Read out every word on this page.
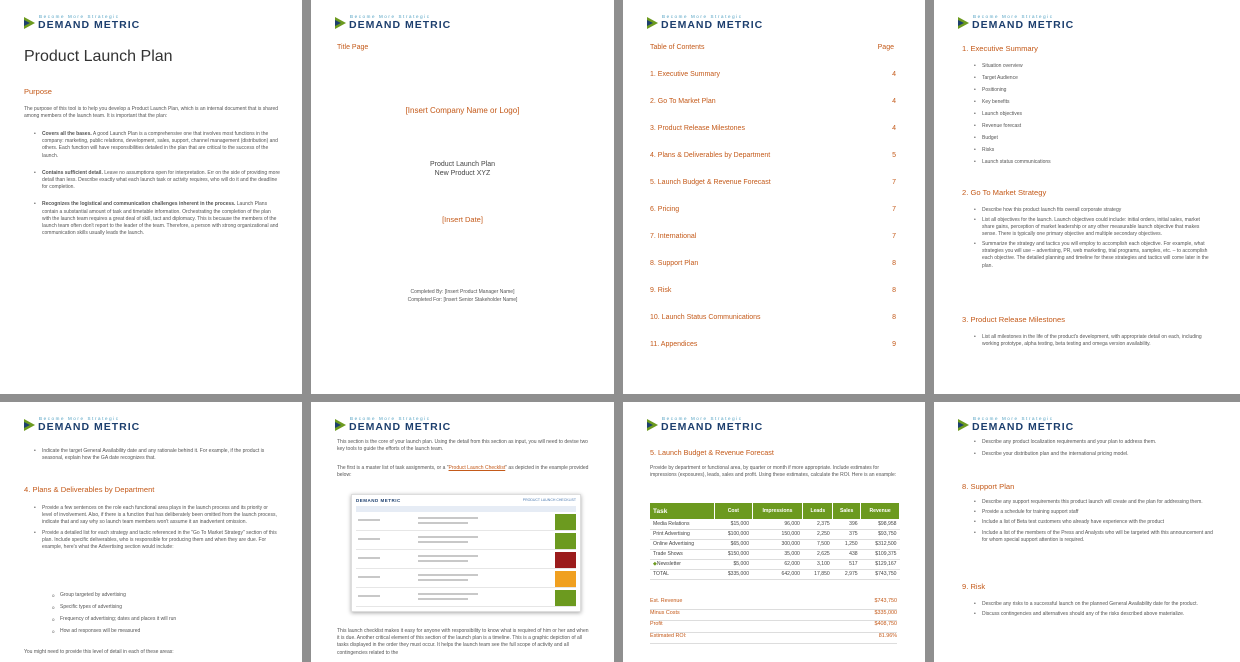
Become More Strategic
DEMAND METRIC
Product Launch Plan
Purpose
The purpose of this tool is to help you develop a Product Launch Plan, which is an internal document that is shared among members of the launch team. It is important that the plan:
• Covers all the bases. A good Launch Plan is a comprehensive one that involves most functions in the company: marketing, public relations, development, sales, support, channel management (distribution) and others. Each function will have responsibilities detailed in the plan that are critical to the success of the launch.
• Contains sufficient detail. Leave no assumptions open for interpretation. Err on the side of providing more detail than less. Describe exactly what each launch task or activity requires, who will do it and the deadline for completion.
• Recognizes the logistical and communication challenges inherent in the process. Launch Plans contain a substantial amount of task and timetable information. Orchestrating the completion of the plan with the launch team requires a great deal of skill, tact and diplomacy. This is because the members of the launch team often don't report to the leader of the team. Therefore, a person with strong organizational and communication skills usually leads the launch.
Become More Strategic
DEMAND METRIC
Title Page
[Insert Company Name or Logo]
Product Launch Plan
New Product XYZ
[Insert Date]
Completed By: [Insert Product Manager Name]
Completed For: [Insert Senior Stakeholder Name]
Become More Strategic
DEMAND METRIC
Table of Contents	Page
1. Executive Summary	4
2. Go To Market Plan	4
3. Product Release Milestones	4
4. Plans & Deliverables by Department	5
5. Launch Budget & Revenue Forecast	7
6. Pricing	7
7. International	7
8. Support Plan	8
9. Risk	8
10. Launch Status Communications	8
11. Appendices	9
Become More Strategic
DEMAND METRIC
1. Executive Summary
• Situation overview
• Target Audience
• Positioning
• Key benefits
• Launch objectives
• Revenue forecast
• Budget
• Risks
• Launch status communications
2. Go To Market Strategy
• Describe how this product launch fits overall corporate strategy
• List all objectives for the launch. Launch objectives could include: initial orders, initial sales, market share gains, perception of market leadership or any other measurable launch objective that makes sense. There is typically one primary objective and multiple secondary objectives.
• Summarize the strategy and tactics you will employ to accomplish each objective. For example, what strategies you will use – advertising, PR, web marketing, trial programs, samples, etc. – to accomplish each objective. The detailed planning and timeline for these strategies and tactics will come later in the plan.
3. Product Release Milestones
• List all milestones in the life of the product's development, with appropriate detail on each, including working prototype, alpha testing, beta testing and omega version availability.
Become More Strategic
DEMAND METRIC
• Indicate the target General Availability date and any rationale behind it. For example, if the product is seasonal, explain how the GA date recognizes that.
4. Plans & Deliverables by Department
• Provide a few sentences on the role each functional area plays in the launch process and its priority or level of involvement. Also, if there is a function that has deliberately been omitted from the launch process, indicate that and say why so launch team members won't assume it an inadvertent omission.
• Provide a detailed list for each strategy and tactic referenced in the "Go To Market Strategy" section of this plan. Include specific deliverables, who is responsible for producing them and when they are due. For example, here's what the Advertising section would include:
o Group targeted by advertising
o Specific types of advertising
o Frequency of advertising; dates and places it will run
o How ad responses will be measured
You might need to provide this level of detail in each of these areas:
Become More Strategic
DEMAND METRIC
This section is the core of your launch plan. Using the detail from this section as input, you will need to devise two key tools to guide the efforts of the launch team.
The first is a master list of task assignments, or a "Product Launch Checklist" as depicted in the example provided below:
DEMAND METRIC	PRODUCT LAUNCH CHECKLIST
This launch checklist makes it easy for anyone with responsibility to know what is required of him or her and when it is due. Another critical element of this section of the launch plan is a timeline. This is a graphic depiction of all tasks displayed in the order they must occur. It helps the launch team see the full scope of activity and all contingencies related to the
Become More Strategic
DEMAND METRIC
5. Launch Budget & Revenue Forecast
Provide by department or functional area, by quarter or month if more appropriate. Include estimates for impressions (exposures), leads, sales and profit. Using these estimates, calculate the ROI. Here is an example:
Task	Cost	Impressions	Leads	Sales	Revenue
Media Relations	$15,000	96,000	2,375	396	$98,958
Print Advertising	$100,000	150,000	2,250	375	$93,750
Online Advertising	$65,000	300,000	7,500	1,250	$312,500
Trade Shows	$150,000	35,000	2,625	438	$109,375
◆Newsletter	$5,000	62,000	3,100	517	$129,167
TOTAL	$335,000	642,000	17,850	2,975	$743,750
Est. Revenue	$743,750
Minus Costs	$335,000
Profit	$408,750
Estimated ROI:	81.96%
Become More Strategic
DEMAND METRIC
• Describe any product localization requirements and your plan to address them.
• Describe your distribution plan and the international pricing model.
8. Support Plan
• Describe any support requirements this product launch will create and the plan for addressing them.
• Provide a schedule for training support staff
• Include a list of Beta test customers who already have experience with the product
• Include a list of the members of the Press and Analysts who will be targeted with this announcement and for whom special support attention is required.
9. Risk
• Describe any risks to a successful launch on the planned General Availability date for the product.
• Discuss contingencies and alternatives should any of the risks described above materialize.
